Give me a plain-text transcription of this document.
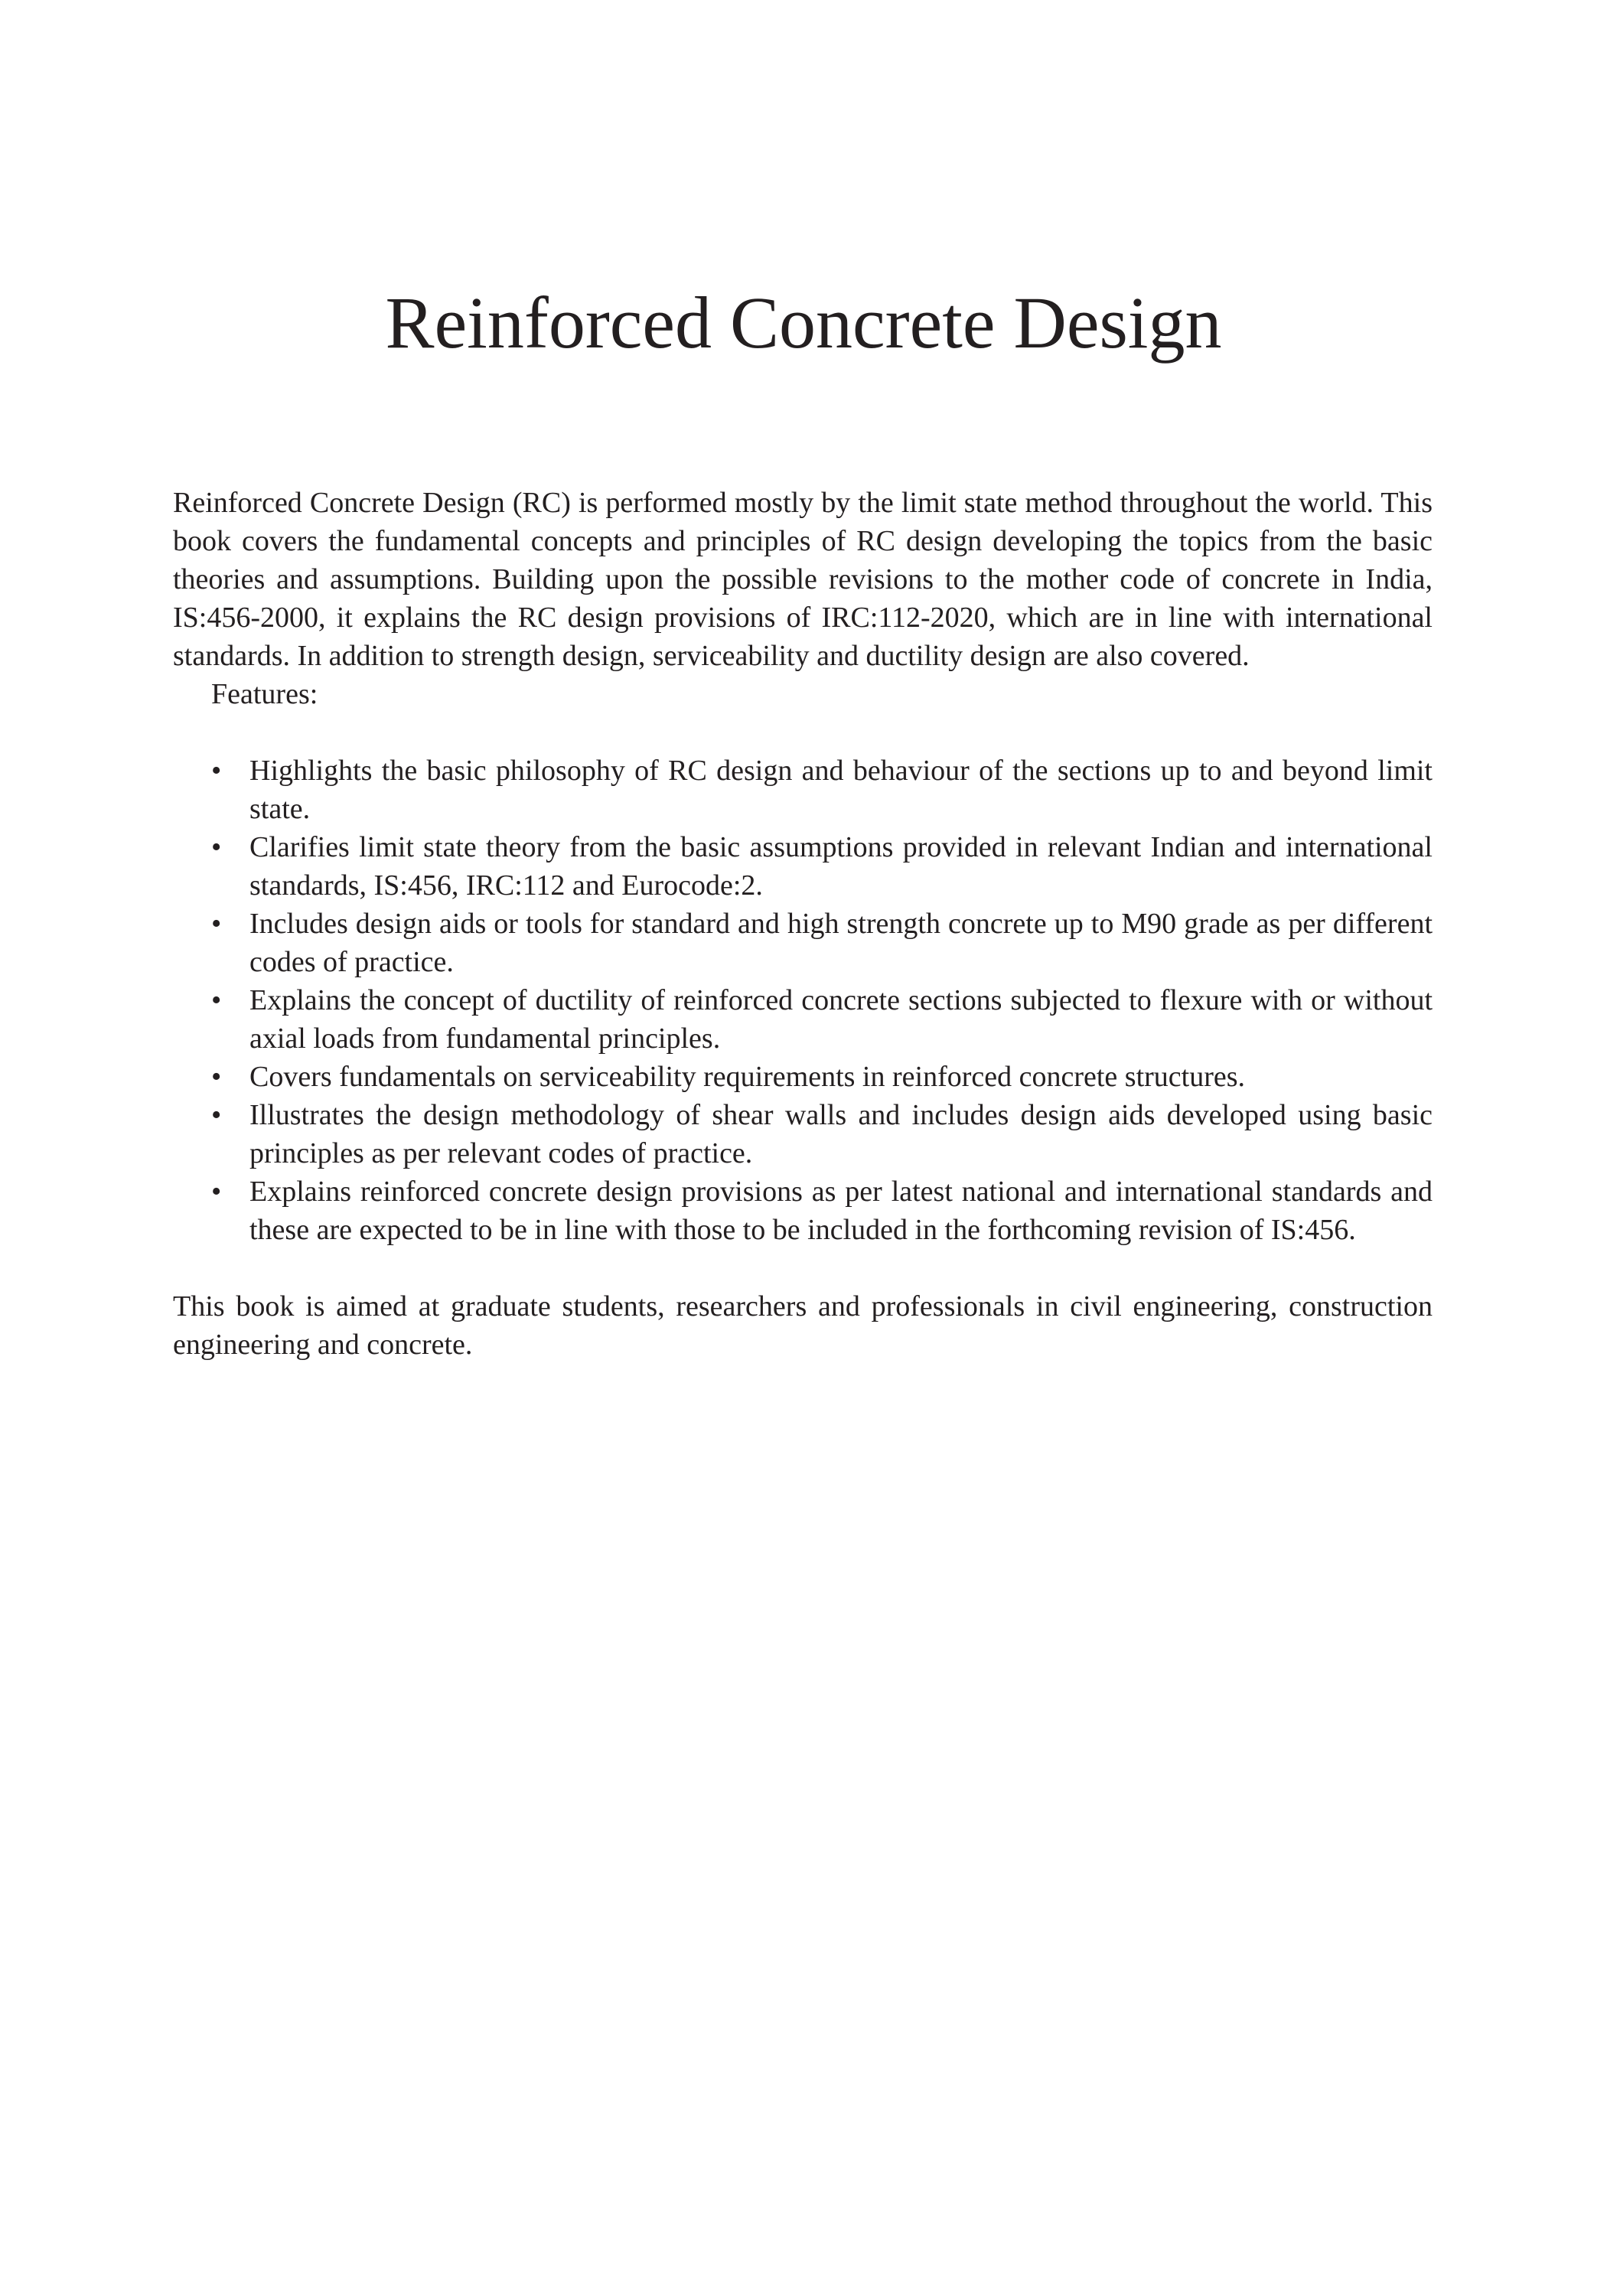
Reinforced Concrete Design

Reinforced Concrete Design (RC) is performed mostly by the limit state method throughout the world. This book covers the fundamental concepts and principles of RC design developing the topics from the basic theories and assumptions. Building upon the possible revisions to the mother code of concrete in India, IS:456-2000, it explains the RC design provisions of IRC:112-2020, which are in line with international standards. In addition to strength design, serviceability and ductility design are also covered.

Features:

• Highlights the basic philosophy of RC design and behaviour of the sections up to and beyond limit state.
• Clarifies limit state theory from the basic assumptions provided in relevant Indian and international standards, IS:456, IRC:112 and Eurocode:2.
• Includes design aids or tools for standard and high strength concrete up to M90 grade as per different codes of practice.
• Explains the concept of ductility of reinforced concrete sections subjected to flexure with or without axial loads from fundamental principles.
• Covers fundamentals on serviceability requirements in reinforced concrete structures.
• Illustrates the design methodology of shear walls and includes design aids developed using basic principles as per relevant codes of practice.
• Explains reinforced concrete design provisions as per latest national and international standards and these are expected to be in line with those to be included in the forthcoming revision of IS:456.

This book is aimed at graduate students, researchers and professionals in civil engineering, construction engineering and concrete.
